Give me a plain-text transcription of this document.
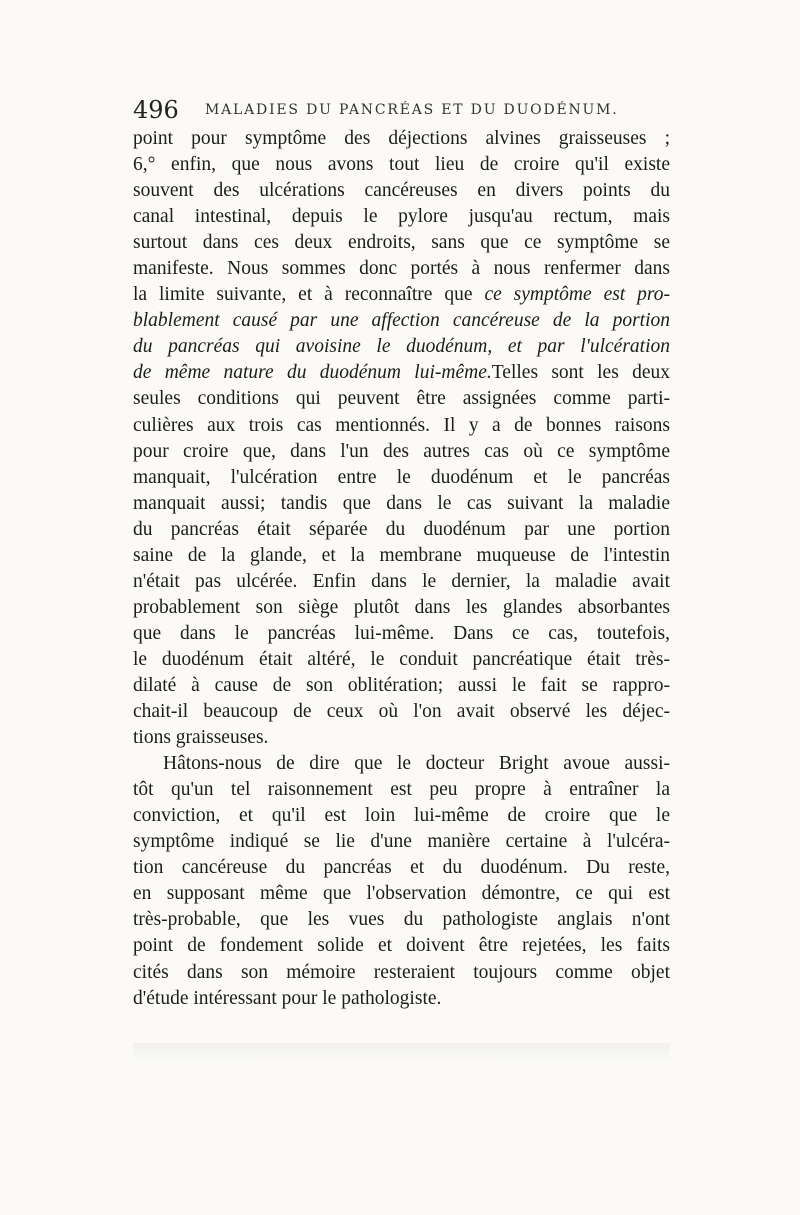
496 MALADIES DU PANCRÉAS ET DU DUODÉNUM.
point pour symptôme des déjections alvines graisseuses ;
6,° enfin, que nous avons tout lieu de croire qu'il existe
souvent des ulcérations cancéreuses en divers points du
canal intestinal, depuis le pylore jusqu'au rectum, mais
surtout dans ces deux endroits, sans que ce symptôme se
manifeste. Nous sommes donc portés à nous renfermer dans
la limite suivante, et à reconnaître que ce symptôme est pro-
blablement causé par une affection cancéreuse de la portion
du pancréas qui avoisine le duodénum, et par l'ulcération
de même nature du duodénum lui-même.Telles sont les deux
seules conditions qui peuvent être assignées comme parti-
culières aux trois cas mentionnés. Il y a de bonnes raisons
pour croire que, dans l'un des autres cas où ce symptôme
manquait, l'ulcération entre le duodénum et le pancréas
manquait aussi; tandis que dans le cas suivant la maladie
du pancréas était séparée du duodénum par une portion
saine de la glande, et la membrane muqueuse de l'intestin
n'était pas ulcérée. Enfin dans le dernier, la maladie avait
probablement son siège plutôt dans les glandes absorbantes
que dans le pancréas lui-même. Dans ce cas, toutefois,
le duodénum était altéré, le conduit pancréatique était très-
dilaté à cause de son oblitération; aussi le fait se rappro-
chait-il beaucoup de ceux où l'on avait observé les déjec-
tions graisseuses.
Hâtons-nous de dire que le docteur Bright avoue aussi-
tôt qu'un tel raisonnement est peu propre à entraîner la
conviction, et qu'il est loin lui-même de croire que le
symptôme indiqué se lie d'une manière certaine à l'ulcéra-
tion cancéreuse du pancréas et du duodénum. Du reste,
en supposant même que l'observation démontre, ce qui est
très-probable, que les vues du pathologiste anglais n'ont
point de fondement solide et doivent être rejetées, les faits
cités dans son mémoire resteraient toujours comme objet
d'étude intéressant pour le pathologiste.
